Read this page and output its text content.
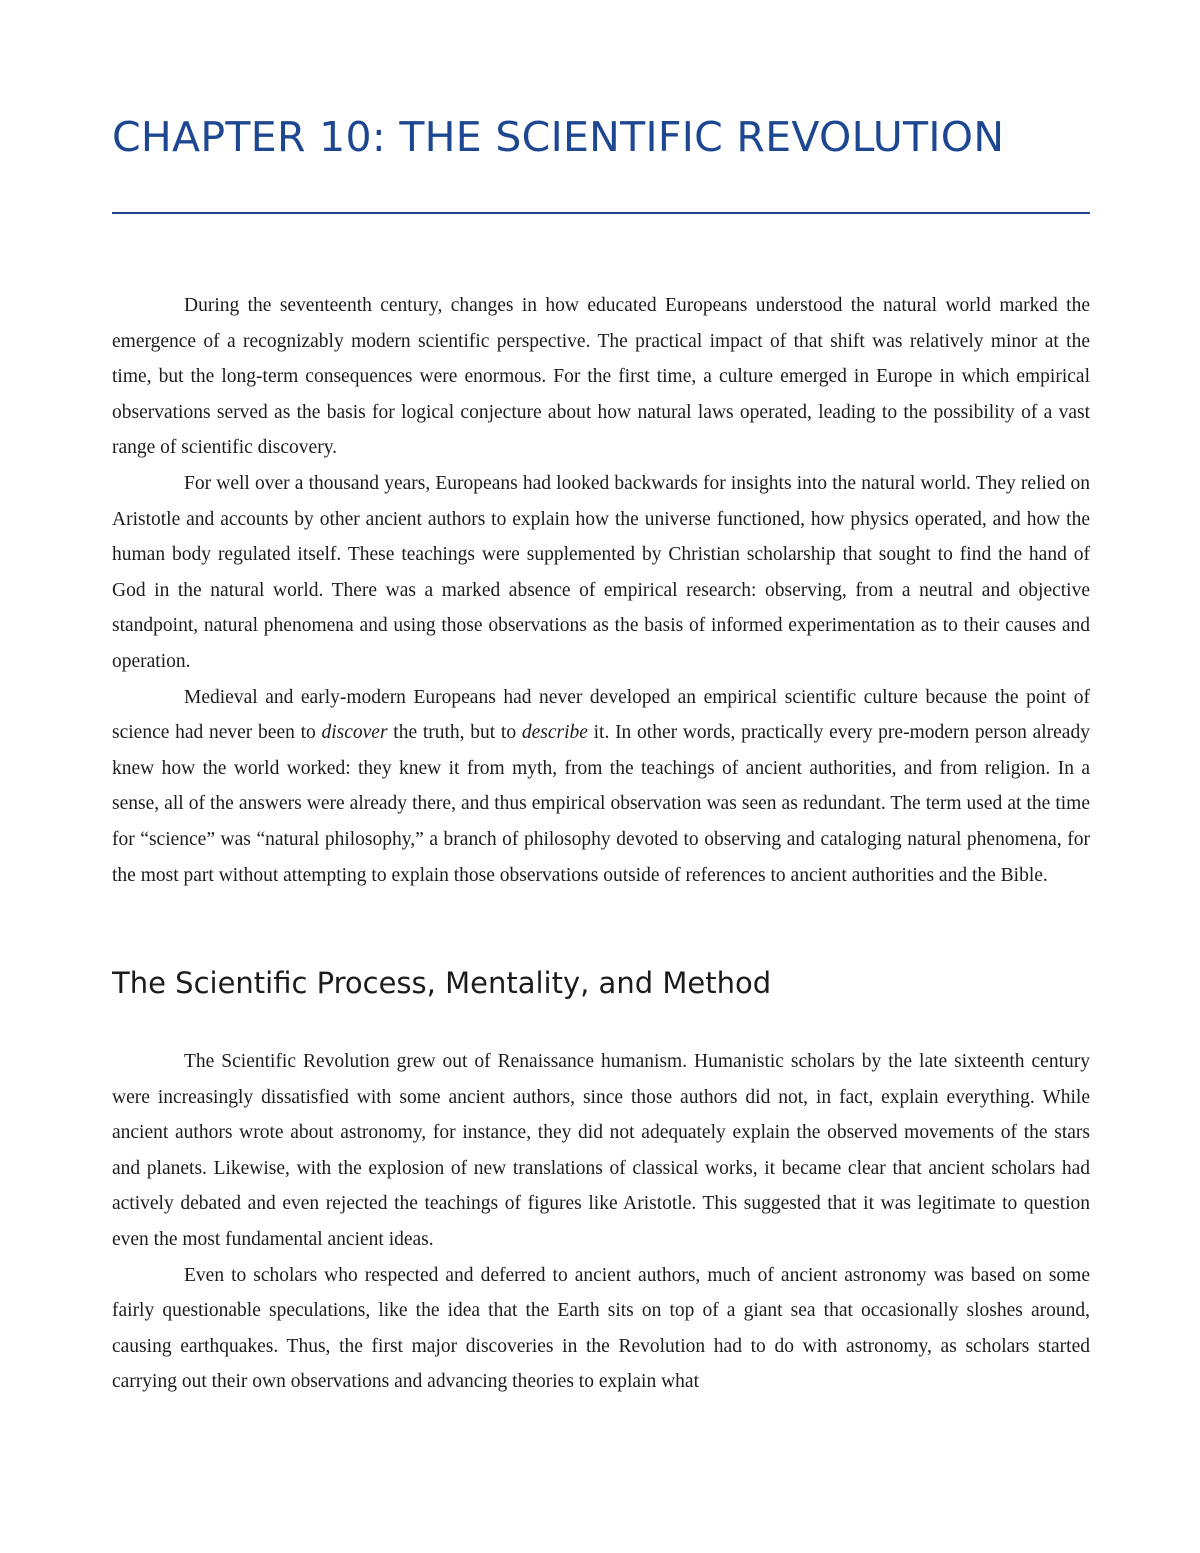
CHAPTER 10: THE SCIENTIFIC REVOLUTION

During the seventeenth century, changes in how educated Europeans understood the natural world marked the emergence of a recognizably modern scientific perspective. The practical impact of that shift was relatively minor at the time, but the long-term consequences were enormous. For the first time, a culture emerged in Europe in which empirical observations served as the basis for logical conjecture about how natural laws operated, leading to the possibility of a vast range of scientific discovery.

For well over a thousand years, Europeans had looked backwards for insights into the natural world. They relied on Aristotle and accounts by other ancient authors to explain how the universe functioned, how physics operated, and how the human body regulated itself. These teachings were supplemented by Christian scholarship that sought to find the hand of God in the natural world. There was a marked absence of empirical research: observing, from a neutral and objective standpoint, natural phenomena and using those observations as the basis of informed experimentation as to their causes and operation.

Medieval and early-modern Europeans had never developed an empirical scientific culture because the point of science had never been to discover the truth, but to describe it. In other words, practically every pre-modern person already knew how the world worked: they knew it from myth, from the teachings of ancient authorities, and from religion. In a sense, all of the answers were already there, and thus empirical observation was seen as redundant. The term used at the time for “science” was “natural philosophy,” a branch of philosophy devoted to observing and cataloging natural phenomena, for the most part without attempting to explain those observations outside of references to ancient authorities and the Bible.

The Scientific Process, Mentality, and Method

The Scientific Revolution grew out of Renaissance humanism. Humanistic scholars by the late sixteenth century were increasingly dissatisfied with some ancient authors, since those authors did not, in fact, explain everything. While ancient authors wrote about astronomy, for instance, they did not adequately explain the observed movements of the stars and planets. Likewise, with the explosion of new translations of classical works, it became clear that ancient scholars had actively debated and even rejected the teachings of figures like Aristotle. This suggested that it was legitimate to question even the most fundamental ancient ideas.

Even to scholars who respected and deferred to ancient authors, much of ancient astronomy was based on some fairly questionable speculations, like the idea that the Earth sits on top of a giant sea that occasionally sloshes around, causing earthquakes. Thus, the first major discoveries in the Revolution had to do with astronomy, as scholars started carrying out their own observations and advancing theories to explain what
